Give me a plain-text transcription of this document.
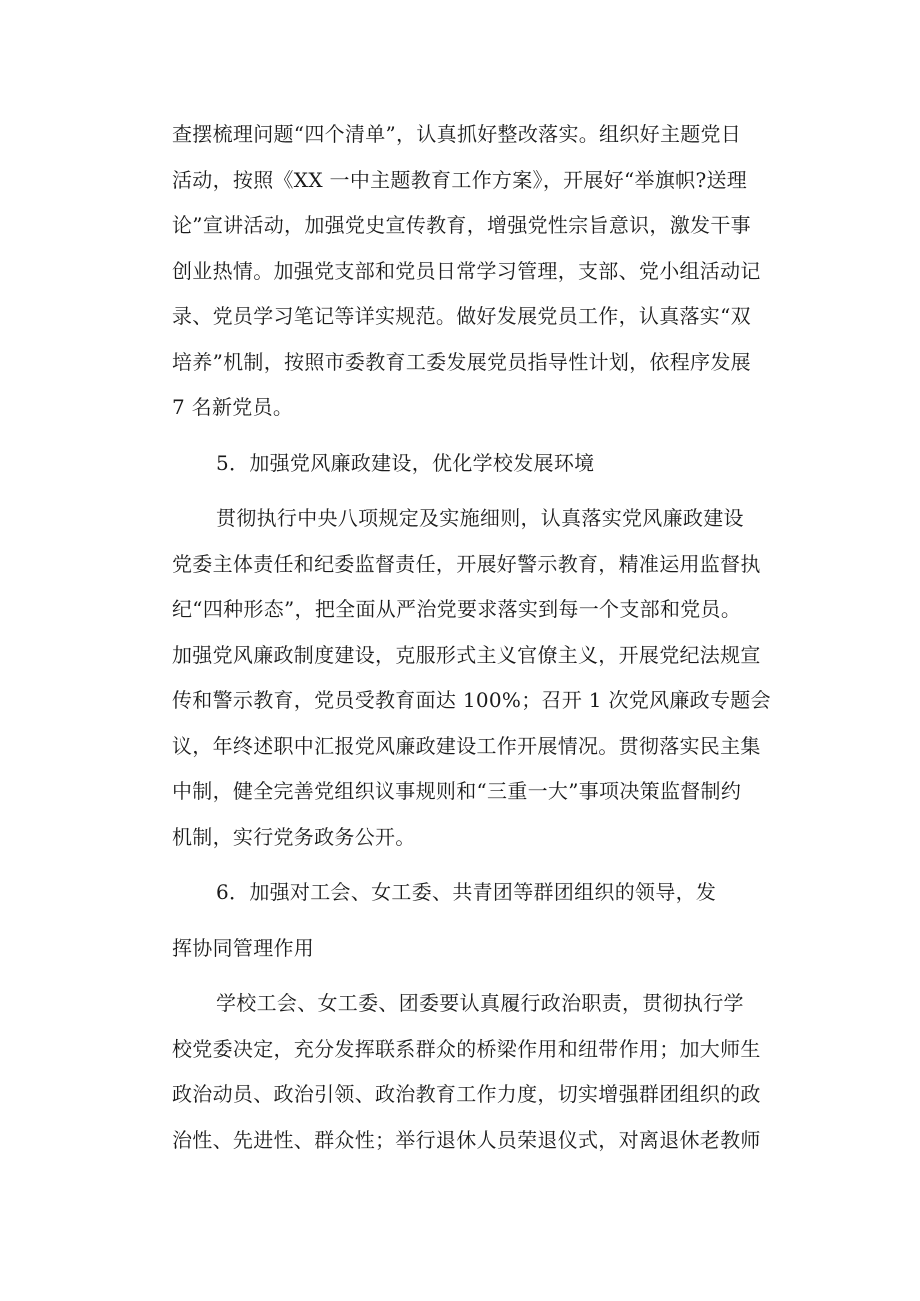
查摆梳理问题“四个清单”，认真抓好整改落实。组织好主题党日
活动，按照《XX 一中主题教育工作方案》，开展好“举旗帜?送理
论”宣讲活动，加强党史宣传教育，增强党性宗旨意识，激发干事
创业热情。加强党支部和党员日常学习管理，支部、党小组活动记
录、党员学习笔记等详实规范。做好发展党员工作，认真落实“双
培养”机制，按照市委教育工委发展党员指导性计划，依程序发展
7 名新党员。
5．加强党风廉政建设，优化学校发展环境
贯彻执行中央八项规定及实施细则，认真落实党风廉政建设
党委主体责任和纪委监督责任，开展好警示教育，精准运用监督执
纪“四种形态”，把全面从严治党要求落实到每一个支部和党员。
加强党风廉政制度建设，克服形式主义官僚主义，开展党纪法规宣
传和警示教育，党员受教育面达 100%；召开 1 次党风廉政专题会
议，年终述职中汇报党风廉政建设工作开展情况。贯彻落实民主集
中制，健全完善党组织议事规则和“三重一大”事项决策监督制约
机制，实行党务政务公开。
6．加强对工会、女工委、共青团等群团组织的领导，发
挥协同管理作用
学校工会、女工委、团委要认真履行政治职责，贯彻执行学
校党委决定，充分发挥联系群众的桥梁作用和纽带作用；加大师生
政治动员、政治引领、政治教育工作力度，切实增强群团组织的政
治性、先进性、群众性；举行退休人员荣退仪式，对离退休老教师
